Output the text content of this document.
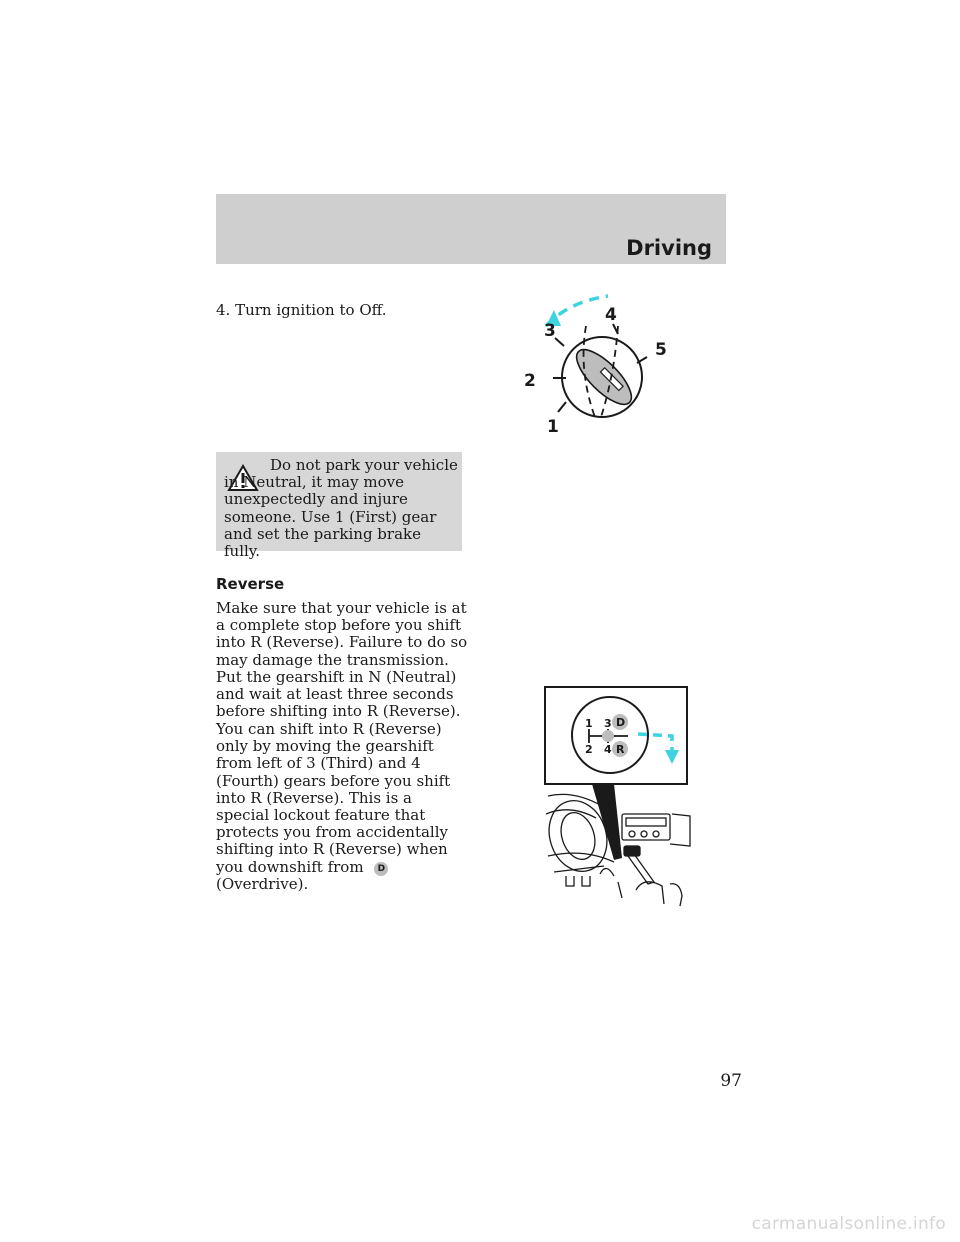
Driving
4. Turn ignition to Off.
1
2
3
4
5
Do not park your vehicle in Neutral, it may move unexpectedly and injure someone. Use 1 (First) gear and set the parking brake fully.
Reverse
Make sure that your vehicle is at a complete stop before you shift into R (Reverse). Failure to do so may damage the transmission.
Put the gearshift in N (Neutral) and wait at least three seconds before shifting into R (Reverse).
You can shift into R (Reverse) only by moving the gearshift from left of 3 (Third) and 4 (Fourth) gears before you shift into R (Reverse). This is a special lockout feature that protects you from accidentally shifting into R (Reverse) when you downshift from D(Overdrive).
1 3 D
2 4 R
97
carmanualsonline.info
